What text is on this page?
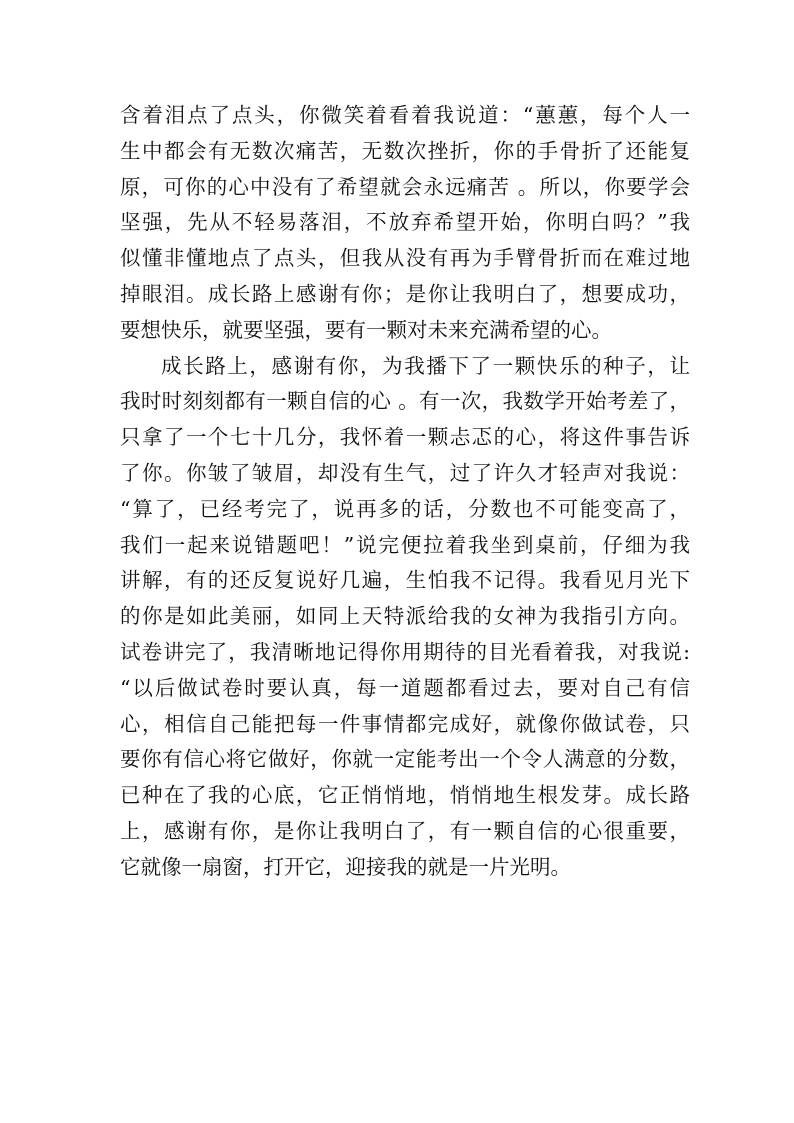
含着泪点了点头，你微笑着看着我说道：“蕙蕙，每个人一
生中都会有无数次痛苦，无数次挫折，你的手骨折了还能复
原，可你的心中没有了希望就会永远痛苦 。所以，你要学会
坚强，先从不轻易落泪，不放弃希望开始，你明白吗？”我
似懂非懂地点了点头，但我从没有再为手臂骨折而在难过地
掉眼泪。成长路上感谢有你；是你让我明白了，想要成功，
要想快乐，就要坚强，要有一颗对未来充满希望的心。
成长路上，感谢有你，为我播下了一颗快乐的种子，让
我时时刻刻都有一颗自信的心 。有一次，我数学开始考差了，
只拿了一个七十几分，我怀着一颗忐忑的心，将这件事告诉
了你。你皱了皱眉，却没有生气，过了许久才轻声对我说：
“算了，已经考完了，说再多的话，分数也不可能变高了，
我们一起来说错题吧！”说完便拉着我坐到桌前，仔细为我
讲解，有的还反复说好几遍，生怕我不记得。我看见月光下
的你是如此美丽，如同上天特派给我的女神为我指引方向。
试卷讲完了，我清晰地记得你用期待的目光看着我，对我说:
“以后做试卷时要认真，每一道题都看过去，要对自己有信
心，相信自己能把每一件事情都完成好，就像你做试卷，只
要你有信心将它做好，你就一定能考出一个令人满意的分数，
已种在了我的心底，它正悄悄地，悄悄地生根发芽。成长路
上，感谢有你，是你让我明白了，有一颗自信的心很重要，
它就像一扇窗，打开它，迎接我的就是一片光明。
